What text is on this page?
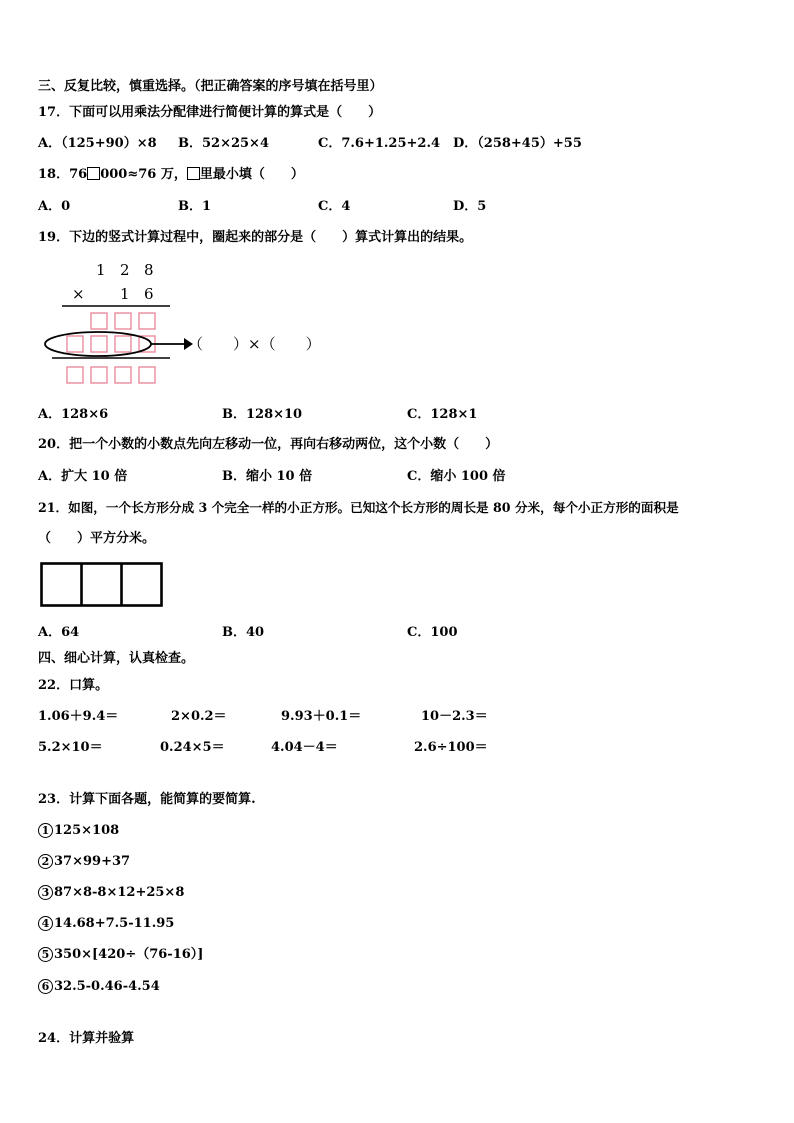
三、反复比较，慎重选择。（把正确答案的序号填在括号里）
17．下面可以用乘法分配律进行简便计算的算式是（　　）
A．（125+90）×8 B．52×25×4	C．7.6+1.25+2.4 D．（258+45）+55
18．76 000≈76 万， 里最小填（　　）
A．0	B．1	C．4	D．5
19．下边的竖式计算过程中，圈起来的部分是（　　）算式计算出的结果。
1 2 8
× 1 6
（　　）×（　　）
A．128×6	B．128×10	C．128×1
20．把一个小数的小数点先向左移动一位，再向右移动两位，这个小数（　　）
A．扩大 10 倍	B．缩小 10 倍	C．缩小 100 倍
21．如图，一个长方形分成 3 个完全一样的小正方形。已知这个长方形的周长是 80 分米，每个小正方形的面积是
（　　）平方分米。
A．64	B．40	C．100
四、细心计算，认真检查。
22．口算。
1.06＋9.4＝	2×0.2＝	9.93＋0.1＝	10－2.3＝
5.2×10＝	0.24×5＝	4.04－4＝	2.6÷100＝
23．计算下面各题，能简算的要简算.
1 125×108
2 37×99+37
3 87×8-8×12+25×8
4 14.68+7.5-11.95
5 350×[420÷（76-16）]
6 32.5-0.46-4.54
24．计算并验算
